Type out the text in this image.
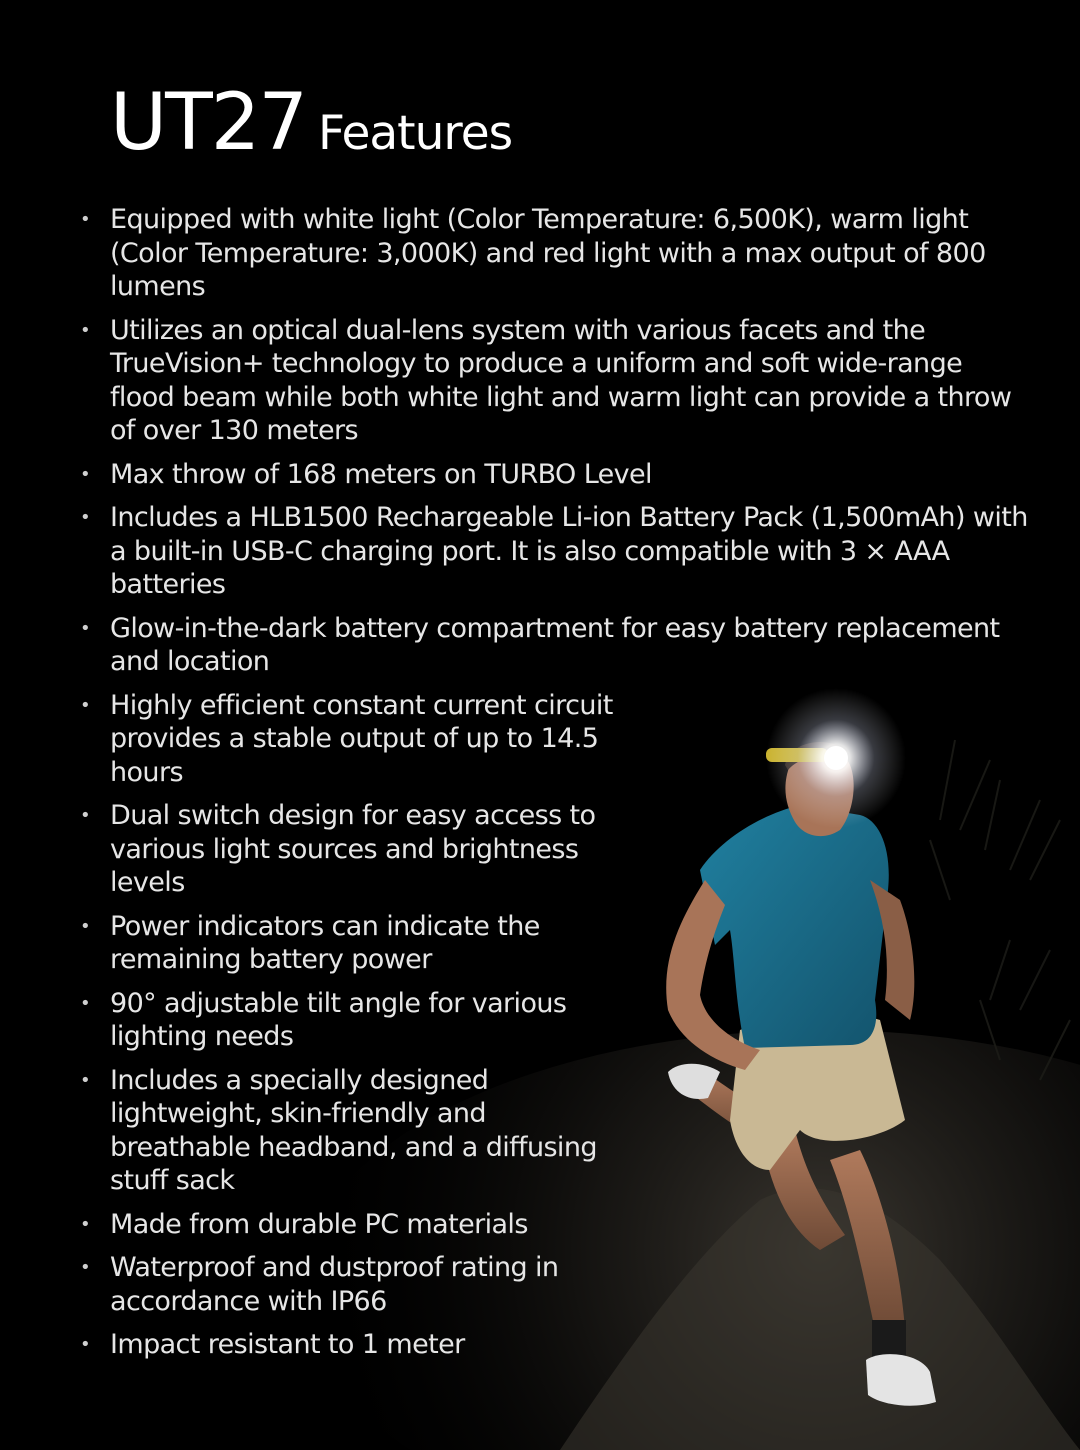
UT27 Features
• Equipped with white light (Color Temperature: 6,500K), warm light (Color Temperature: 3,000K) and red light with a max output of 800 lumens
• Utilizes an optical dual-lens system with various facets and the TrueVision+ technology to produce a uniform and soft wide-range flood beam while both white light and warm light can provide a throw of over 130 meters
• Max throw of 168 meters on TURBO Level
• Includes a HLB1500 Rechargeable Li-ion Battery Pack (1,500mAh) with a built-in USB-C charging port. It is also compatible with 3 × AAA batteries
• Glow-in-the-dark battery compartment for easy battery replacement and location
• Highly efficient constant current circuit provides a stable output of up to 14.5 hours
• Dual switch design for easy access to various light sources and brightness levels
• Power indicators can indicate the remaining battery power
• 90° adjustable tilt angle for various lighting needs
• Includes a specially designed lightweight, skin-friendly and breathable headband, and a diffusing stuff sack
• Made from durable PC materials
• Waterproof and dustproof rating in accordance with IP66
• Impact resistant to 1 meter
